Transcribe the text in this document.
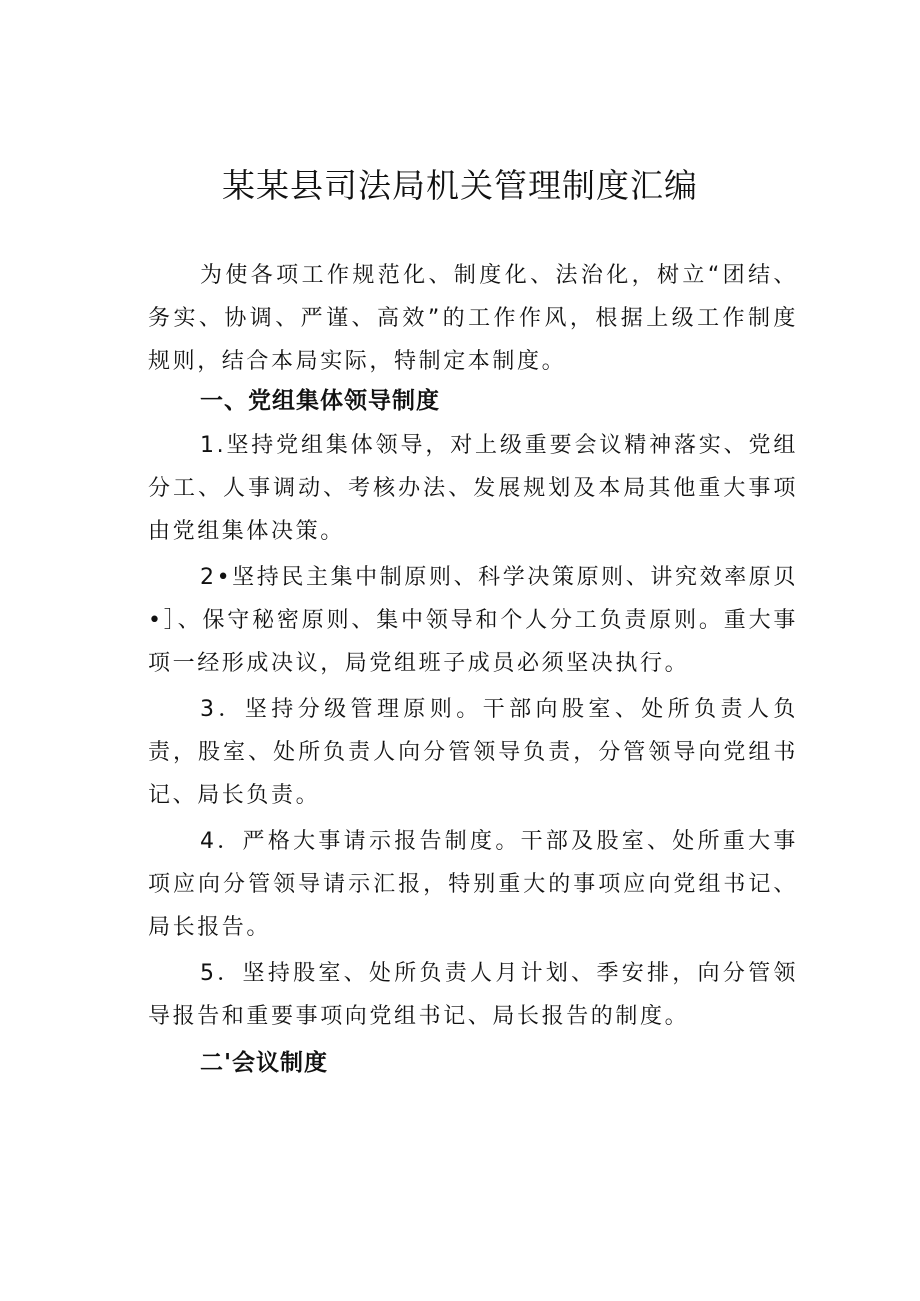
某某县司法局机关管理制度汇编

为使各项工作规范化、制度化、法治化，树立“团结、务实、协调、严谨、高效”的工作作风，根据上级工作制度规则，结合本局实际，特制定本制度。

一、党组集体领导制度

1.坚持党组集体领导，对上级重要会议精神落实、党组分工、人事调动、考核办法、发展规划及本局其他重大事项由党组集体决策。

2•坚持民主集中制原则、科学决策原则、讲究效率原贝•］、保守秘密原则、集中领导和个人分工负责原则。重大事项一经形成决议，局党组班子成员必须坚决执行。

3．坚持分级管理原则。干部向股室、处所负责人负责，股室、处所负责人向分管领导负责，分管领导向党组书记、局长负责。

4．严格大事请示报告制度。干部及股室、处所重大事项应向分管领导请示汇报，特别重大的事项应向党组书记、局长报告。

5．坚持股室、处所负责人月计划、季安排，向分管领导报告和重要事项向党组书记、局长报告的制度。

二'会议制度
